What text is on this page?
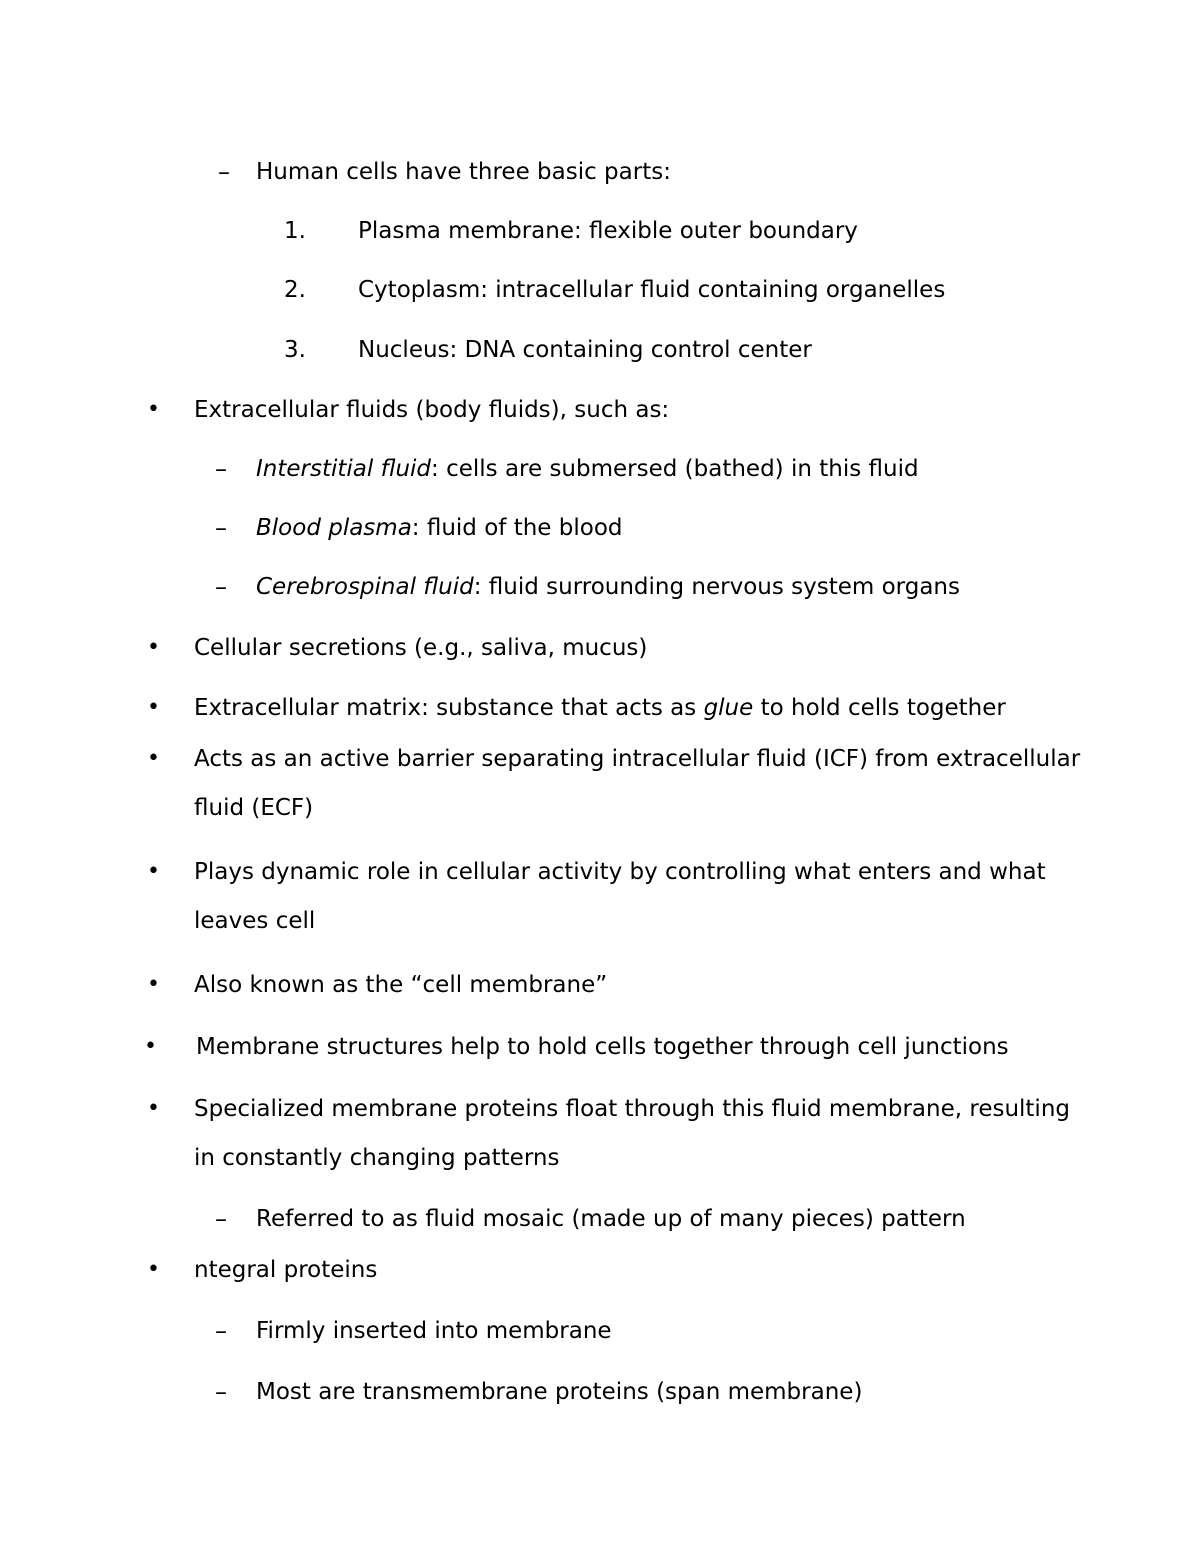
– Human cells have three basic parts:
1. Plasma membrane: flexible outer boundary
2. Cytoplasm: intracellular fluid containing organelles
3. Nucleus: DNA containing control center
• Extracellular fluids (body fluids), such as:
– Interstitial fluid: cells are submersed (bathed) in this fluid
– Blood plasma: fluid of the blood
– Cerebrospinal fluid: fluid surrounding nervous system organs
• Cellular secretions (e.g., saliva, mucus)
• Extracellular matrix: substance that acts as glue to hold cells together
• Acts as an active barrier separating intracellular fluid (ICF) from extracellular
fluid (ECF)
• Plays dynamic role in cellular activity by controlling what enters and what
leaves cell
• Also known as the “cell membrane”
• Membrane structures help to hold cells together through cell junctions
• Specialized membrane proteins float through this fluid membrane, resulting
in constantly changing patterns
– Referred to as fluid mosaic (made up of many pieces) pattern
• ntegral proteins
– Firmly inserted into membrane
– Most are transmembrane proteins (span membrane)
